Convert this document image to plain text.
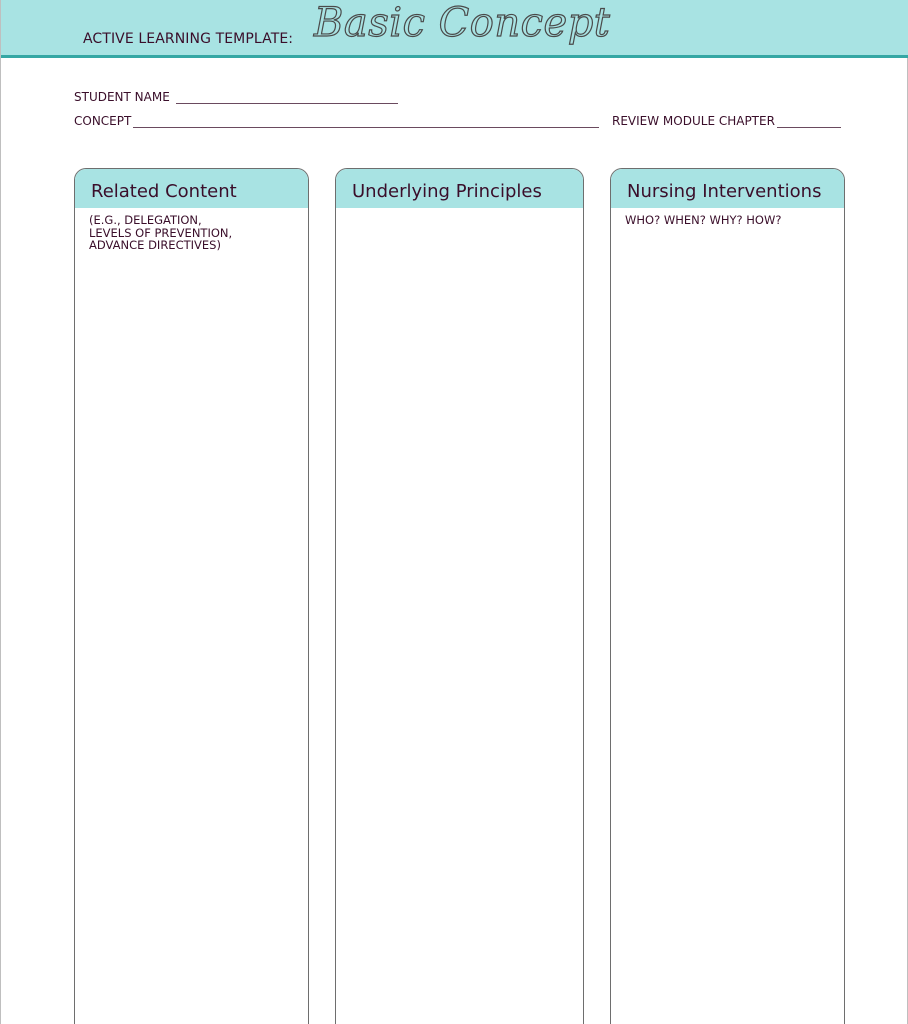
ACTIVE LEARNING TEMPLATE: Basic Concept
STUDENT NAME
CONCEPT	REVIEW MODULE CHAPTER
Related Content
(E.G., DELEGATION,
LEVELS OF PREVENTION,
ADVANCE DIRECTIVES)
Underlying Principles	Nursing Interventions
WHO? WHEN? WHY? HOW?
